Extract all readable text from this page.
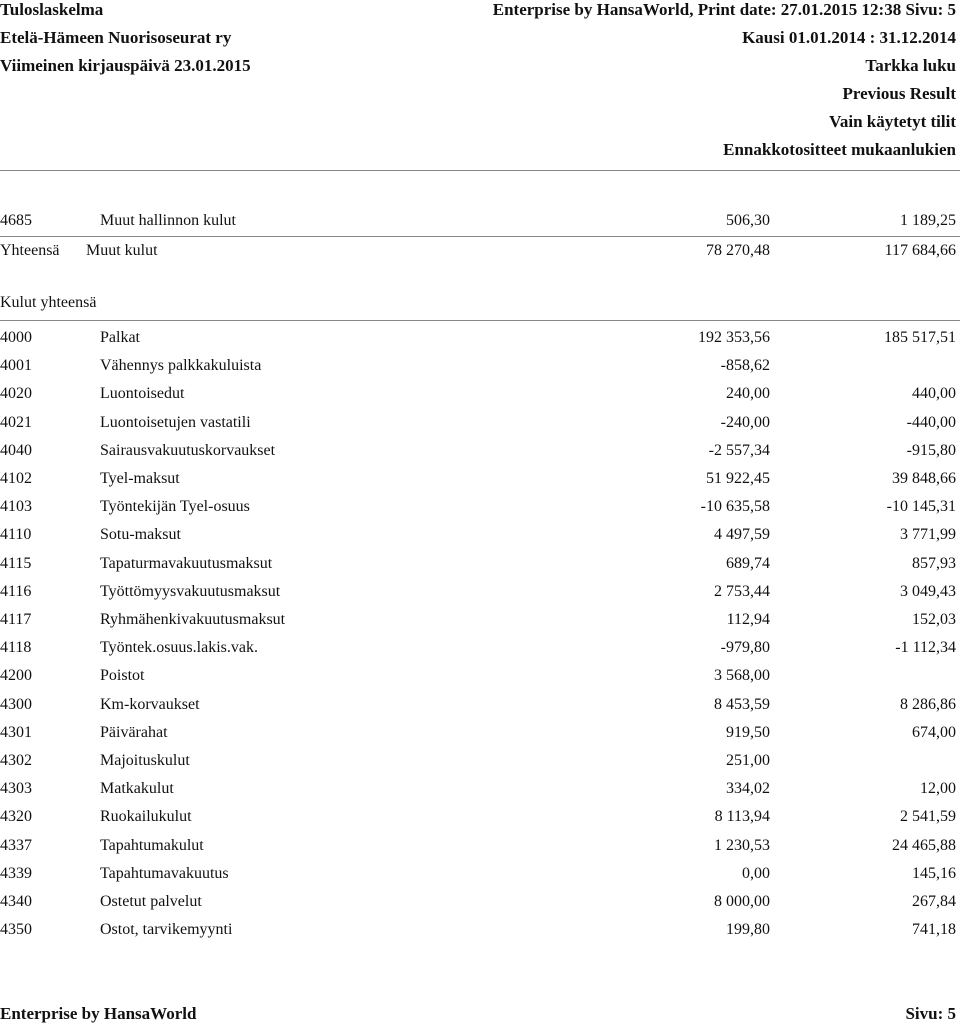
Tuloslaskelma	Enterprise by HansaWorld, Print date: 27.01.2015 12:38 Sivu: 5
Etelä-Hämeen Nuorisoseurat ry	Kausi 01.01.2014 : 31.12.2014
Viimeinen kirjauspäivä 23.01.2015	Tarkka luku
Previous Result
Vain käytetyt tilit
Ennakkotositteet mukaanlukien
4685	Muut hallinnon kulut	506,30	1 189,25
Yhteensä Muut kulut	78 270,48	117 684,66
Kulut yhteensä
4000	Palkat	192 353,56	185 517,51
4001	Vähennys palkkakuluista	-858,62
4020	Luontoisedut	240,00	440,00
4021	Luontoisetujen vastatili	-240,00	-440,00
4040	Sairausvakuutuskorvaukset	-2 557,34	-915,80
4102	Tyel-maksut	51 922,45	39 848,66
4103	Työntekijän Tyel-osuus	-10 635,58	-10 145,31
4110	Sotu-maksut	4 497,59	3 771,99
4115	Tapaturmavakuutusmaksut	689,74	857,93
4116	Työttömyysvakuutusmaksut	2 753,44	3 049,43
4117	Ryhmähenkivakuutusmaksut	112,94	152,03
4118	Työntek.osuus.lakis.vak.	-979,80	-1 112,34
4200	Poistot	3 568,00
4300	Km-korvaukset	8 453,59	8 286,86
4301	Päivärahat	919,50	674,00
4302	Majoituskulut	251,00
4303	Matkakulut	334,02	12,00
4320	Ruokailukulut	8 113,94	2 541,59
4337	Tapahtumakulut	1 230,53	24 465,88
4339	Tapahtumavakuutus	0,00	145,16
4340	Ostetut palvelut	8 000,00	267,84
4350	Ostot, tarvikemyynti	199,80	741,18
Enterprise by HansaWorld	Sivu: 5
